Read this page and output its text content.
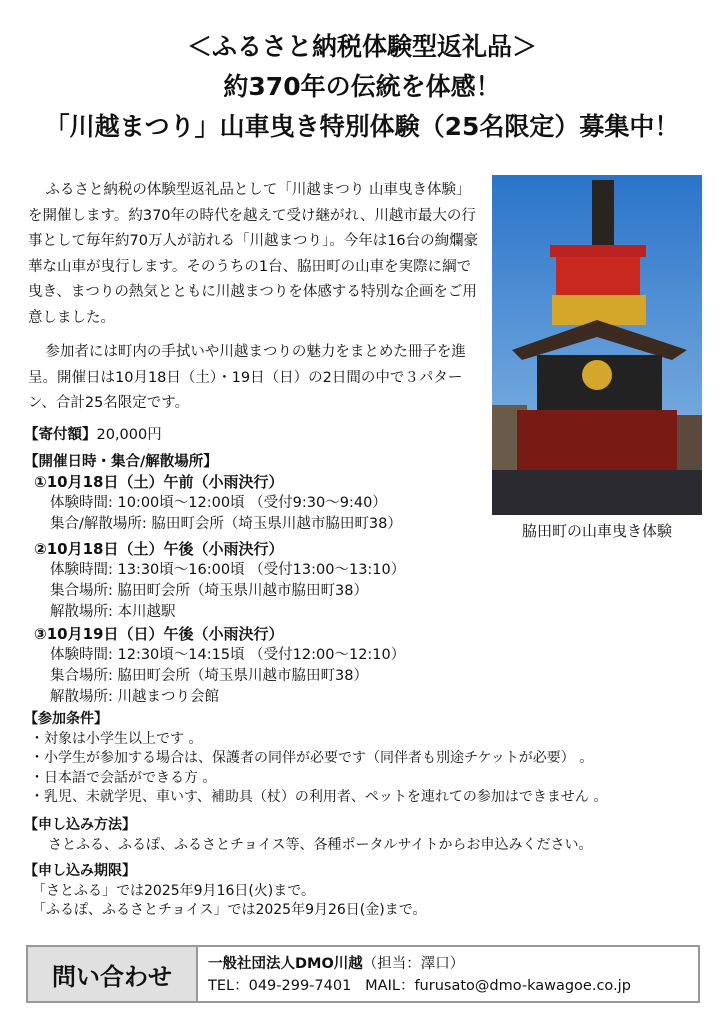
＜ふるさと納税体験型返礼品＞
約370年の伝統を体感！
「川越まつり」山車曳き特別体験（25名限定）募集中！
ふるさと納税の体験型返礼品として「川越まつり 山車曳き体験」を開催します。約370年の時代を越えて受け継がれ、川越市最大の行事として毎年約70万人が訪れる「川越まつり」。今年は16台の絢爛豪華な山車が曳行します。そのうちの1台、脇田町の山車を実際に綱で曳き、まつりの熱気とともに川越まつりを体感する特別な企画をご用意しました。
参加者には町内の手拭いや川越まつりの魅力をまとめた冊子を進呈。開催日は10月18日（土）・19日（日）の2日間の中で３パターン、合計25名限定です。
脇田町の山車曳き体験
【寄付額】20,000円
【開催日時・集合/解散場所】
①10月18日（土）午前（小雨決行）
体験時間: 10:00頃～12:00頃 （受付9:30～9:40）
集合/解散場所: 脇田町会所（埼玉県川越市脇田町38）
②10月18日（土）午後（小雨決行）
体験時間: 13:30頃～16:00頃 （受付13:00～13:10）
集合場所: 脇田町会所（埼玉県川越市脇田町38）
解散場所: 本川越駅
③10月19日（日）午後（小雨決行）
体験時間: 12:30頃～14:15頃 （受付12:00～12:10）
集合場所: 脇田町会所（埼玉県川越市脇田町38）
解散場所: 川越まつり会館
【参加条件】
・対象は小学生以上です 。
・小学生が参加する場合は、保護者の同伴が必要です（同伴者も別途チケットが必要） 。
・日本語で会話ができる方 。
・乳児、未就学児、車いす、補助具（杖）の利用者、ペットを連れての参加はできません 。
【申し込み方法】
さとふる、ふるぽ、ふるさとチョイス等、各種ポータルサイトからお申込みください。
【申し込み期限】
「さとふる」では2025年9月16日(火)まで。
「ふるぽ、ふるさとチョイス」では2025年9月26日(金)まで。
問い合わせ	一般社団法人DMO川越（担当：澤口）
TEL：049-299-7401 MAIL：furusato@dmo-kawagoe.co.jp
